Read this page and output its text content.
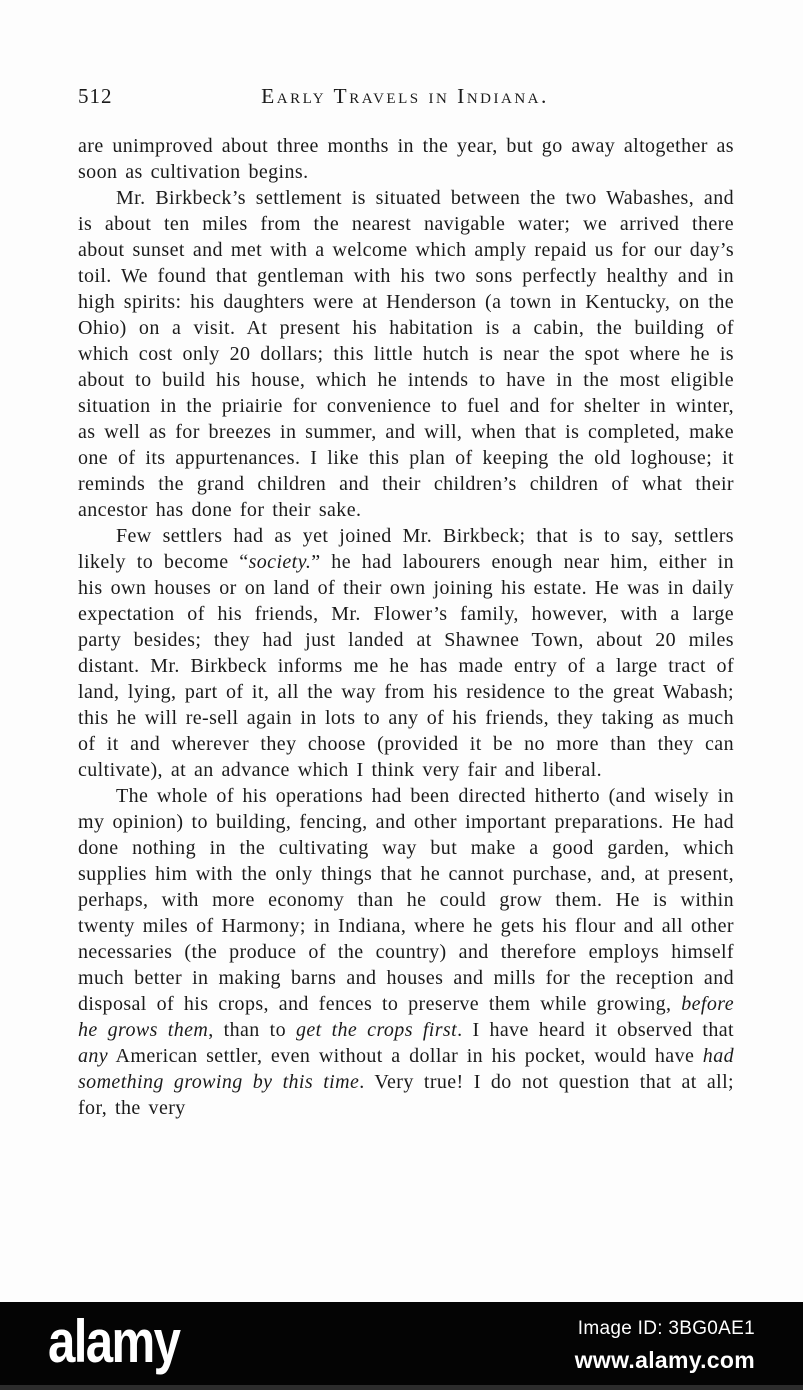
512	Early Travels in Indiana.

are unimproved about three months in the year, but go away altogether as soon as cultivation begins.

Mr. Birkbeck’s settlement is situated between the two Wabashes, and is about ten miles from the nearest navigable water; we arrived there about sunset and met with a welcome which amply repaid us for our day’s toil. We found that gentleman with his two sons perfectly healthy and in high spirits: his daughters were at Henderson (a town in Kentucky, on the Ohio) on a visit. At present his habitation is a cabin, the building of which cost only 20 dollars; this little hutch is near the spot where he is about to build his house, which he intends to have in the most eligible situation in the priairie for convenience to fuel and for shelter in winter, as well as for breezes in summer, and will, when that is completed, make one of its appurtenances. I like this plan of keeping the old loghouse; it reminds the grand children and their children’s children of what their ancestor has done for their sake.

Few settlers had as yet joined Mr. Birkbeck; that is to say, settlers likely to become “society.” he had labourers enough near him, either in his own houses or on land of their own joining his estate. He was in daily expectation of his friends, Mr. Flower’s family, however, with a large party besides; they had just landed at Shawnee Town, about 20 miles distant. Mr. Birkbeck informs me he has made entry of a large tract of land, lying, part of it, all the way from his residence to the great Wabash; this he will re-sell again in lots to any of his friends, they taking as much of it and wherever they choose (provided it be no more than they can cultivate), at an advance which I think very fair and liberal.

The whole of his operations had been directed hitherto (and wisely in my opinion) to building, fencing, and other important preparations. He had done nothing in the cultivating way but make a good garden, which supplies him with the only things that he cannot purchase, and, at present, perhaps, with more economy than he could grow them. He is within twenty miles of Harmony; in Indiana, where he gets his flour and all other necessaries (the produce of the country) and therefore employs himself much better in making barns and houses and mills for the reception and disposal of his crops, and fences to preserve them while growing, before he grows them, than to get the crops first. I have heard it observed that any American settler, even without a dollar in his pocket, would have had something growing by this time. Very true! I do not question that at all; for, the very

alamy	Image ID: 3BG0AE1
www.alamy.com
